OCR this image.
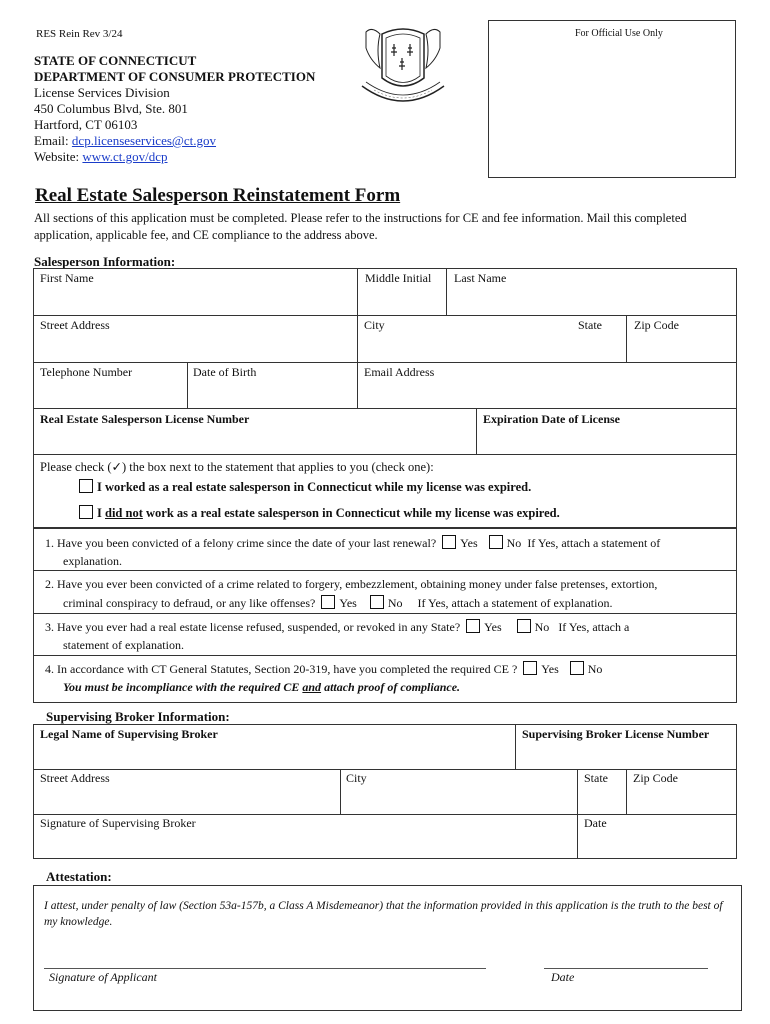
RES Rein Rev 3/24
STATE OF CONNECTICUT
DEPARTMENT OF CONSUMER PROTECTION
License Services Division
450 Columbus Blvd, Ste. 801
Hartford, CT 06103
Email: dcp.licenseservices@ct.gov
Website: www.ct.gov/dcp
For Official Use Only
Real Estate Salesperson Reinstatement Form
All sections of this application must be completed. Please refer to the instructions for CE and fee information. Mail this completed application, applicable fee, and CE compliance to the address above.
Salesperson Information:
First Name	Middle Initial Last Name
Street Address	City	State	Zip Code
Telephone Number	Date of Birth	Email Address
Real Estate Salesperson License Number	Expiration Date of License
Please check (✓) the box next to the statement that applies to you (check one):
I worked as a real estate salesperson in Connecticut while my license was expired.
I did not work as a real estate salesperson in Connecticut while my license was expired.
1. Have you been convicted of a felony crime since the date of your last renewal? Yes No If Yes, attach a statement of
explanation.
2. Have you ever been convicted of a crime related to forgery, embezzlement, obtaining money under false pretenses, extortion,
criminal conspiracy to defraud, or any like offenses? Yes	No If Yes, attach a statement of explanation.
3. Have you ever had a real estate license refused, suspended, or revoked in any State? Yes	No If Yes, attach a
statement of explanation.
4. In accordance with CT General Statutes, Section 20-319, have you completed the required CE ? Yes No
You must be incompliance with the required CE and attach proof of compliance.
Supervising Broker Information:
Legal Name of Supervising Broker	Supervising Broker License Number
Street Address	City	State Zip Code
Signature of Supervising Broker	Date
Attestation:
I attest, under penalty of law (Section 53a-157b, a Class A Misdemeanor) that the information provided in this application is the truth to the best of my knowledge.
Signature of Applicant	Date
